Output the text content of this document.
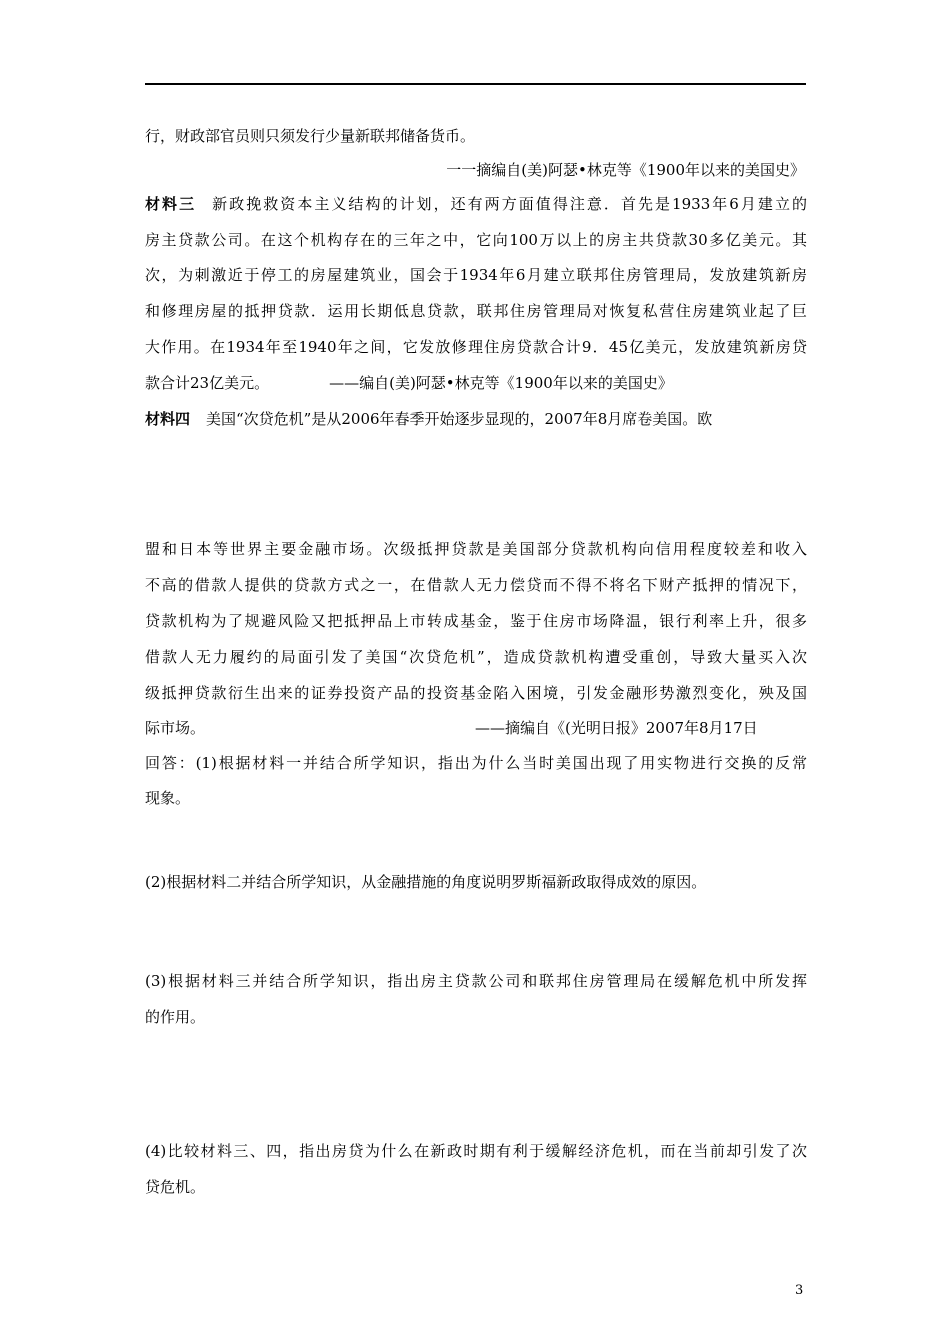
行，财政部官员则只须发行少量新联邦储备货币。
一一摘编自(美)阿瑟•林克等《1900年以来的美国史》
材料三 新政挽救资本主义结构的计划，还有两方面值得注意．首先是1933年6月建立的
房主贷款公司。在这个机构存在的三年之中，它向100万以上的房主共贷款30多亿美元。其
次，为刺激近于停工的房屋建筑业，国会于1934年6月建立联邦住房管理局，发放建筑新房
和修理房屋的抵押贷款．运用长期低息贷款，联邦住房管理局对恢复私营住房建筑业起了巨
大作用。在1934年至1940年之间，它发放修理住房贷款合计9．45亿美元，发放建筑新房贷
款合计23亿美元。	——编自(美)阿瑟•林克等《1900年以来的美国史》
材料四 美国“次贷危机”是从2006年春季开始逐步显现的，2007年8月席卷美国。欧
盟和日本等世界主要金融市场。次级抵押贷款是美国部分贷款机构向信用程度较差和收入
不高的借款人提供的贷款方式之一，在借款人无力偿贷而不得不将名下财产抵押的情况下，
贷款机构为了规避风险又把抵押品上市转成基金，鉴于住房市场降温，银行利率上升，很多
借款人无力履约的局面引发了美国“次贷危机”，造成贷款机构遭受重创，导致大量买入次
级抵押贷款衍生出来的证券投资产品的投资基金陷入困境，引发金融形势激烈变化，殃及国
际市场。	——摘编自《(光明日报》2007年8月17日
回答：(1)根据材料一并结合所学知识，指出为什么当时美国出现了用实物进行交换的反常
现象。
(2)根据材料二并结合所学知识，从金融措施的角度说明罗斯福新政取得成效的原因。
(3)根据材料三并结合所学知识，指出房主贷款公司和联邦住房管理局在缓解危机中所发挥
的作用。
(4)比较材料三、四，指出房贷为什么在新政时期有利于缓解经济危机，而在当前却引发了次
贷危机。
3
